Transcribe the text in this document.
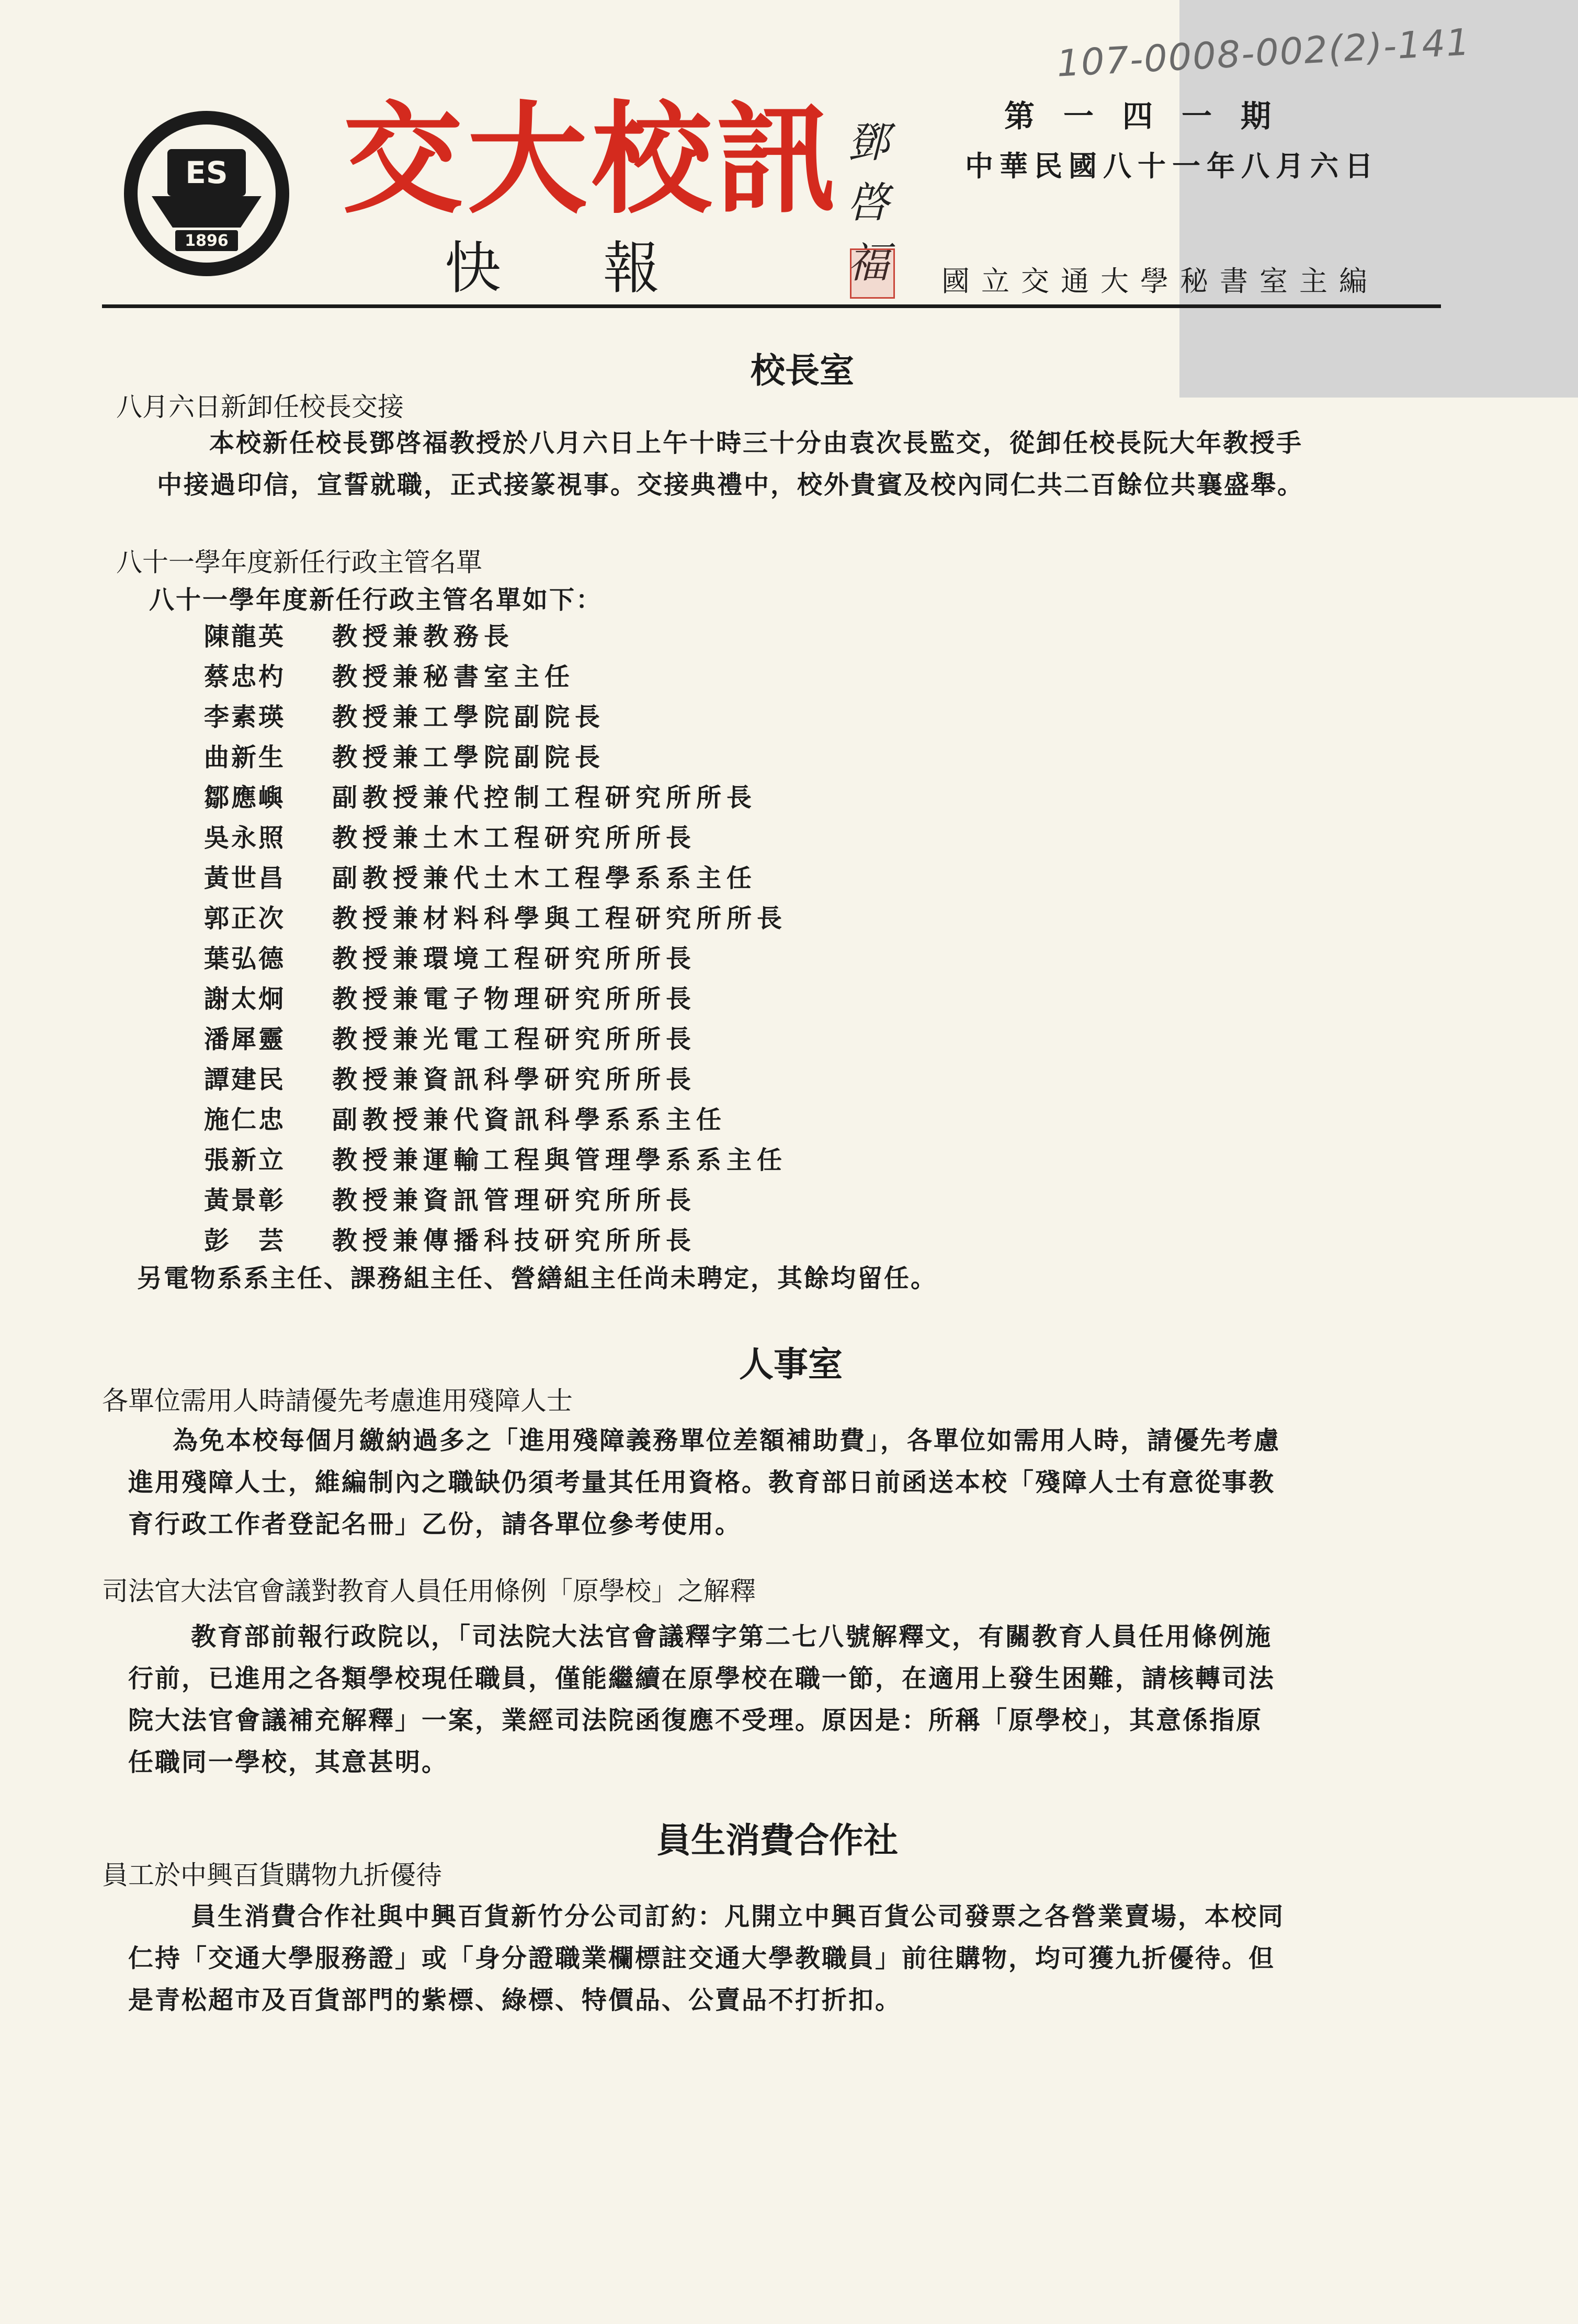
107-0008-002(2)-141
第一四一期
中華民國八十一年八月六日
ES
1896
交大校訊
快報
鄧啓福 國立交通大學秘書室主編
校長室
八月六日新卸任校長交接
本校新任校長鄧啓福教授於八月六日上午十時三十分由袁次長監交，從卸任校長阮大年教授手
中接過印信，宣誓就職，正式接篆視事。交接典禮中，校外貴賓及校內同仁共二百餘位共襄盛舉。
八十一學年度新任行政主管名單
八十一學年度新任行政主管名單如下：
陳龍英	教授兼教務長
蔡忠杓	教授兼秘書室主任
李素瑛	教授兼工學院副院長
曲新生	教授兼工學院副院長
鄒應嶼	副教授兼代控制工程研究所所長
吳永照	教授兼土木工程研究所所長
黃世昌	副教授兼代土木工程學系系主任
郭正次	教授兼材料科學與工程研究所所長
葉弘德	教授兼環境工程研究所所長
謝太炯	教授兼電子物理研究所所長
潘犀靈	教授兼光電工程研究所所長
譚建民	教授兼資訊科學研究所所長
施仁忠	副教授兼代資訊科學系系主任
張新立	教授兼運輸工程與管理學系系主任
黃景彰	教授兼資訊管理研究所所長
彭　芸	教授兼傳播科技研究所所長
另電物系系主任、課務組主任、營繕組主任尚未聘定，其餘均留任。
人事室
各單位需用人時請優先考慮進用殘障人士
為免本校每個月繳納過多之「進用殘障義務單位差額補助費」，各單位如需用人時，請優先考慮
進用殘障人士，維編制內之職缺仍須考量其任用資格。教育部日前函送本校「殘障人士有意從事教
育行政工作者登記名冊」乙份，請各單位參考使用。
司法官大法官會議對教育人員任用條例「原學校」之解釋
教育部前報行政院以，「司法院大法官會議釋字第二七八號解釋文，有關教育人員任用條例施
行前，已進用之各類學校現任職員，僅能繼續在原學校在職一節，在適用上發生困難，請核轉司法
院大法官會議補充解釋」一案，業經司法院函復應不受理。原因是：所稱「原學校」，其意係指原
任職同一學校，其意甚明。
員生消費合作社
員工於中興百貨購物九折優待
員生消費合作社與中興百貨新竹分公司訂約：凡開立中興百貨公司發票之各營業賣場，本校同
仁持「交通大學服務證」或「身分證職業欄標註交通大學教職員」前往購物，均可獲九折優待。但
是青松超市及百貨部門的紫標、綠標、特價品、公賣品不打折扣。
